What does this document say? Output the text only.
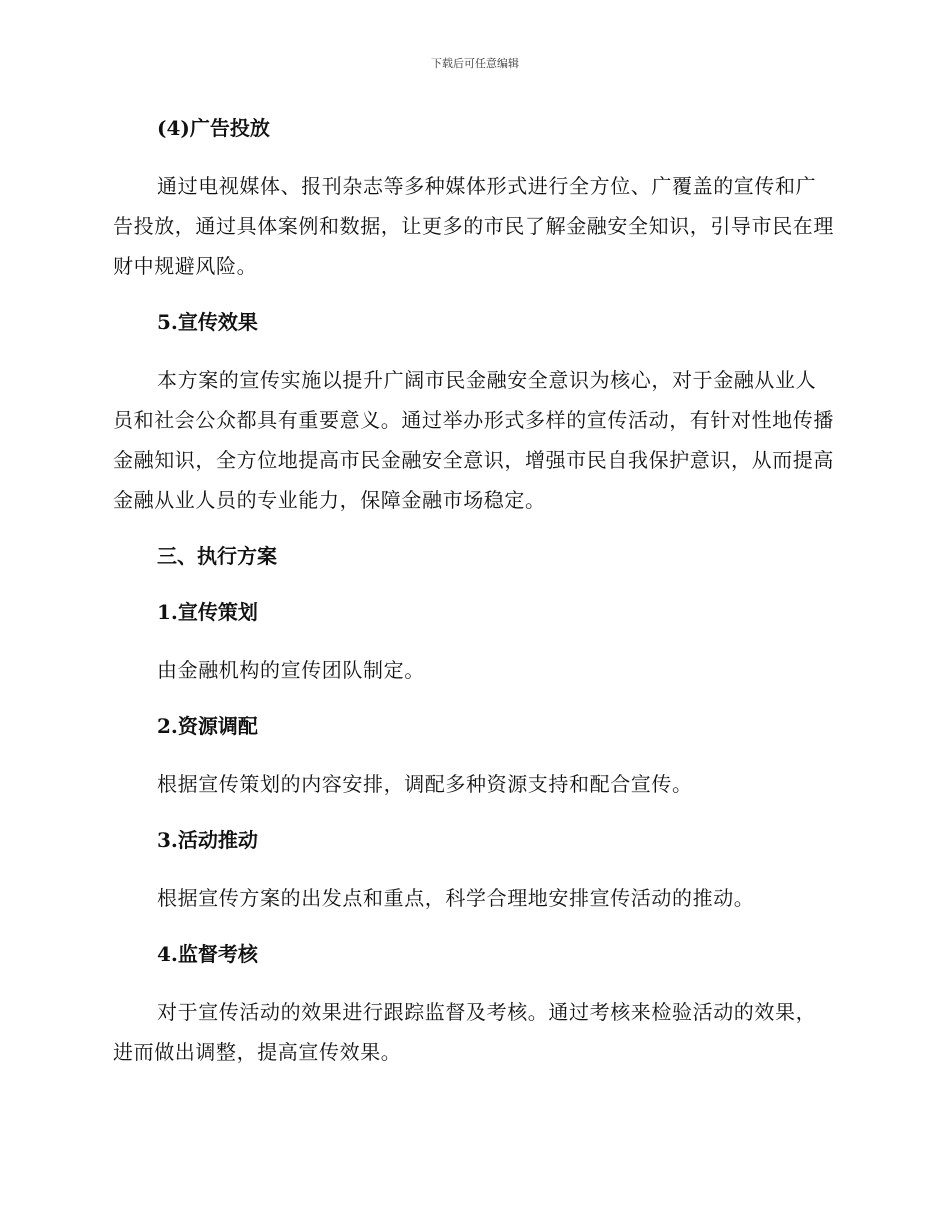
下载后可任意编辑

(4)广告投放

通过电视媒体、报刊杂志等多种媒体形式进行全方位、广覆盖的宣传和广告投放，通过具体案例和数据，让更多的市民了解金融安全知识，引导市民在理财中规避风险。

5.宣传效果

本方案的宣传实施以提升广阔市民金融安全意识为核心，对于金融从业人员和社会公众都具有重要意义。通过举办形式多样的宣传活动，有针对性地传播金融知识，全方位地提高市民金融安全意识，增强市民自我保护意识，从而提高金融从业人员的专业能力，保障金融市场稳定。

三、执行方案

1.宣传策划

由金融机构的宣传团队制定。

2.资源调配

根据宣传策划的内容安排，调配多种资源支持和配合宣传。

3.活动推动

根据宣传方案的出发点和重点，科学合理地安排宣传活动的推动。

4.监督考核

对于宣传活动的效果进行跟踪监督及考核。通过考核来检验活动的效果，进而做出调整，提高宣传效果。
